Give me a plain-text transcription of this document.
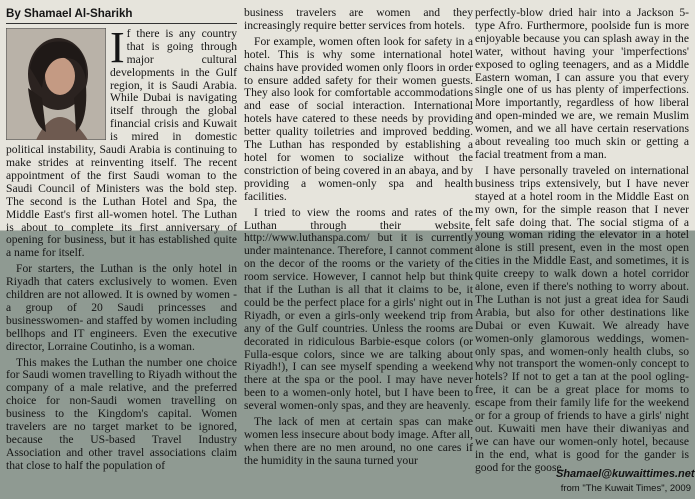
By Shamael Al-Sharikh
I f there is any country that is going through major cultural developments in the Gulf region, it is Saudi Arabia. While Dubai is navigating itself through the global financial crisis and Kuwait is mired in domestic political instability, Saudi Arabia is continuing to make strides at reinventing itself. The recent appointment of the first Saudi woman to the Saudi Council of Ministers was the bold step. The second is the Luthan Hotel and Spa, the Middle East's first all-women hotel. The Luthan is about to complete its first anniversary of opening for business, but it has established quite a name for itself.

For starters, the Luthan is the only hotel in Riyadh that caters exclusively to women. Even children are not allowed. It is owned by women - a group of 20 Saudi princesses and businesswomen- and staffed by women including bellhops and IT engineers. Even the executive director, Lorraine Coutinho, is a woman.

This makes the Luthan the number one choice for Saudi women travelling to Riyadh without the company of a male relative, and the preferred choice for non-Saudi women travelling on business to the Kingdom's capital. Women travelers are no target market to be ignored, because the US-based Travel Industry Association and other travel associations claim that close to half the population of

business travelers are women and they increasingly require better services from hotels.

For example, women often look for safety in a hotel. This is why some international hotel chains have provided women only floors in order to ensure added safety for their women guests. They also look for comfortable accommodations and ease of social interaction. International hotels have catered to these needs by providing better quality toiletries and improved bedding. The Luthan has responded by establishing a hotel for women to socialize without the constriction of being covered in an abaya, and by providing a women-only spa and health facilities.

I tried to view the rooms and rates of the Luthan through their website, http://www.luthanspa.com/ but it is currently under maintenance. Therefore, I cannot comment on the decor of the rooms or the variety of the room service. However, I cannot help but think that if the Luthan is all that it claims to be, it could be the perfect place for a girls' night out in Riyadh, or even a girls-only weekend trip from any of the Gulf countries. Unless the rooms are decorated in ridiculous Barbie-esque colors (or Fulla-esque colors, since we are talking about Riyadh!), I can see myself spending a weekend there at the spa or the pool. I may have never been to a women-only hotel, but I have been to several women-only spas, and they are heavenly.

The lack of men at certain spas can make women less insecure about body image. After all, when there are no men around, no one cares if the humidity in the sauna turned your

perfectly-blow dried hair into a Jackson 5-type Afro. Furthermore, poolside fun is more enjoyable because you can splash away in the water, without having your 'imperfections' exposed to ogling teenagers, and as a Middle Eastern woman, I can assure you that every single one of us has plenty of imperfections. More importantly, regardless of how liberal and open-minded we are, we remain Muslim women, and we all have certain reservations about revealing too much skin or getting a facial treatment from a man.

I have personally traveled on international business trips extensively, but I have never stayed at a hotel room in the Middle East on my own, for the simple reason that I never felt safe doing that. The social stigma of a young woman riding the elevator in a hotel alone is still present, even in the most open cities in the Middle East, and sometimes, it is quite creepy to walk down a hotel corridor alone, even if there's nothing to worry about. The Luthan is not just a great idea for Saudi Arabia, but also for other destinations like Dubai or even Kuwait. We already have women-only glamorous weddings, women-only spas, and women-only health clubs, so why not transport the women-only concept to hotels? If not to get a tan at the pool ogling-free, it can be a great place for moms to escape from their family life for the weekend or for a group of friends to have a girls' night out. Kuwaiti men have their diwaniyas and we can have our women-only hotel, because in the end, what is good for the gander is good for the goose.

Shamael@kuwaittimes.net
from "The Kuwait Times", 2009
